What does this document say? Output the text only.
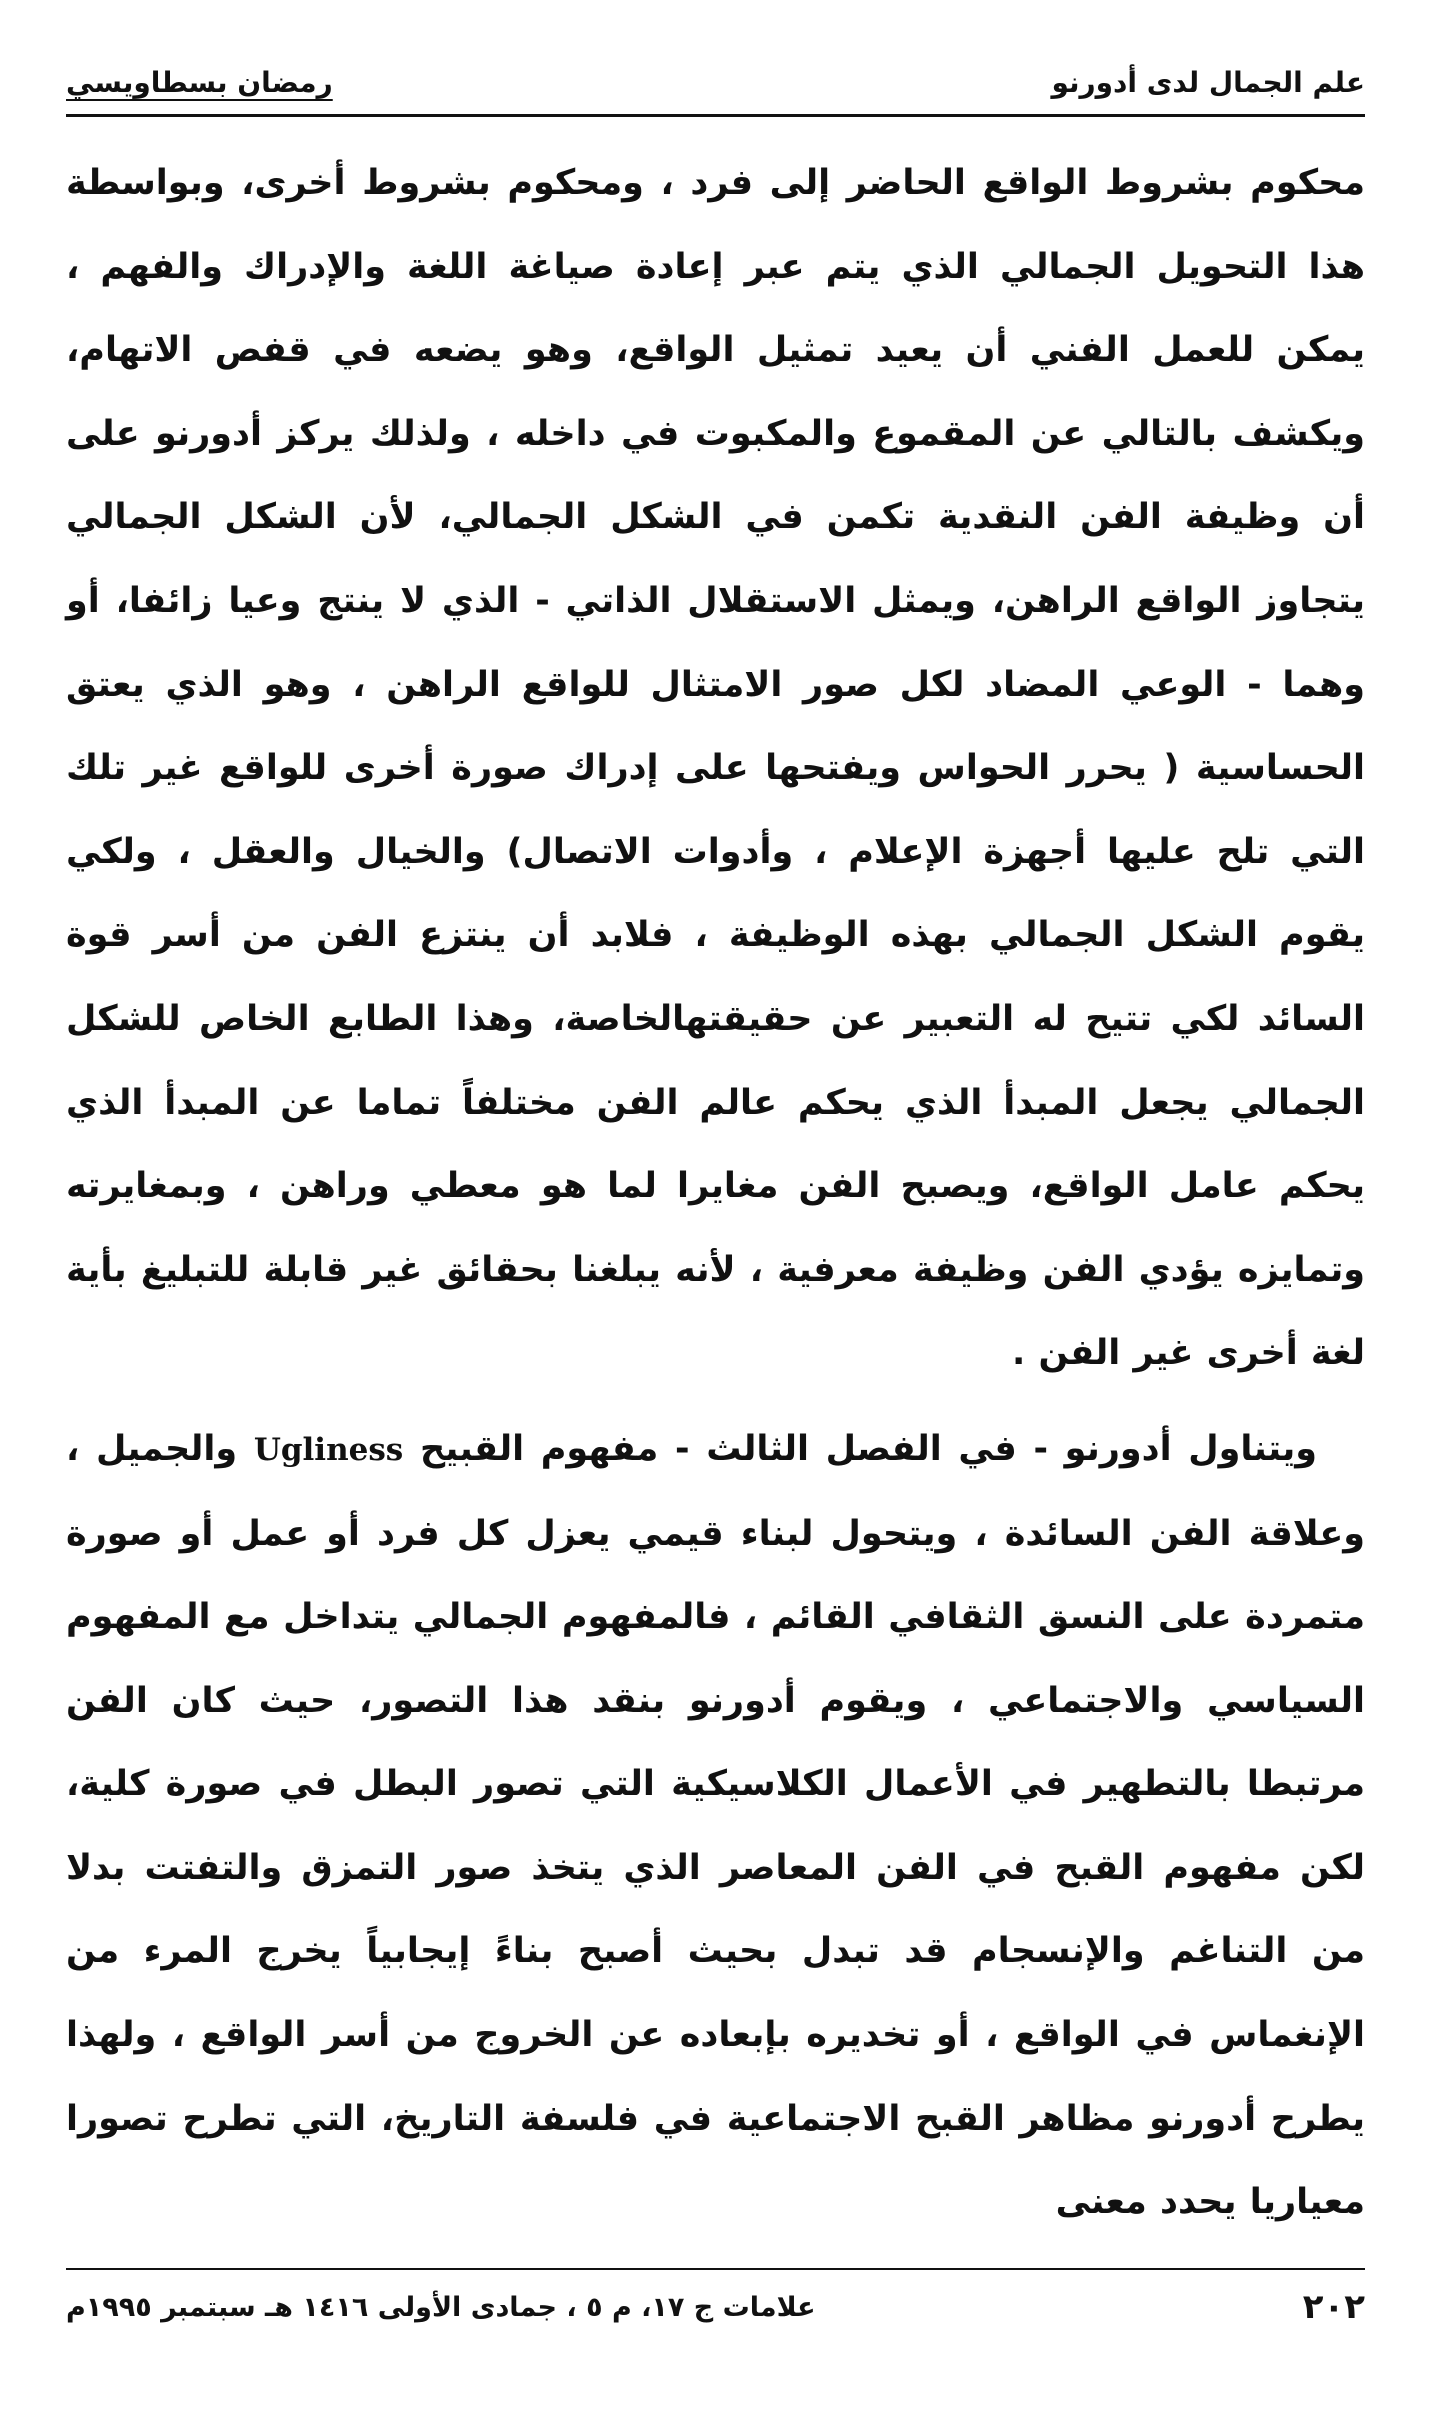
علم الجمال لدى أدورنو
رمضان بسطاويسي

محكوم بشروط الواقع الحاضر إلى فرد ، ومحكوم بشروط أخرى، وبواسطة هذا التحويل الجمالي الذي يتم عبر إعادة صياغة اللغة والإدراك والفهم ، يمكن للعمل الفني أن يعيد تمثيل الواقع، وهو يضعه في قفص الاتهام، ويكشف بالتالي عن المقموع والمكبوت في داخله ، ولذلك يركز أدورنو على أن وظيفة الفن النقدية تكمن في الشكل الجمالي، لأن الشكل الجمالي يتجاوز الواقع الراهن، ويمثل الاستقلال الذاتي - الذي لا ينتج وعيا زائفا، أو وهما - الوعي المضاد لكل صور الامتثال للواقع الراهن ، وهو الذي يعتق الحساسية ( يحرر الحواس ويفتحها على إدراك صورة أخرى للواقع غير تلك التي تلح عليها أجهزة الإعلام ، وأدوات الاتصال) والخيال والعقل ، ولكي يقوم الشكل الجمالي بهذه الوظيفة ، فلابد أن ينتزع الفن من أسر قوة السائد لكي تتيح له التعبير عن حقيقتهالخاصة، وهذا الطابع الخاص للشكل الجمالي يجعل المبدأ الذي يحكم عالم الفن مختلفاً تماما عن المبدأ الذي يحكم عامل الواقع، ويصبح الفن مغايرا لما هو معطي وراهن ، وبمغايرته وتمايزه يؤدي الفن وظيفة معرفية ، لأنه يبلغنا بحقائق غير قابلة للتبليغ بأية لغة أخرى غير الفن .

ويتناول أدورنو - في الفصل الثالث - مفهوم القبيح Ugliness والجميل ، وعلاقة الفن السائدة ، ويتحول لبناء قيمي يعزل كل فرد أو عمل أو صورة متمردة على النسق الثقافي القائم ، فالمفهوم الجمالي يتداخل مع المفهوم السياسي والاجتماعي ، ويقوم أدورنو بنقد هذا التصور، حيث كان الفن مرتبطا بالتطهير في الأعمال الكلاسيكية التي تصور البطل في صورة كلية، لكن مفهوم القبح في الفن المعاصر الذي يتخذ صور التمزق والتفتت بدلا من التناغم والإنسجام قد تبدل بحيث أصبح بناءً إيجابياً يخرج المرء من الإنغماس في الواقع ، أو تخديره بإبعاده عن الخروج من أسر الواقع ، ولهذا يطرح أدورنو مظاهر القبح الاجتماعية في فلسفة التاريخ، التي تطرح تصورا معياريا يحدد معنى

٢٠٢
علامات ج ١٧، م ٥ ، جمادى الأولى ١٤١٦ هـ سبتمبر ١٩٩٥م
